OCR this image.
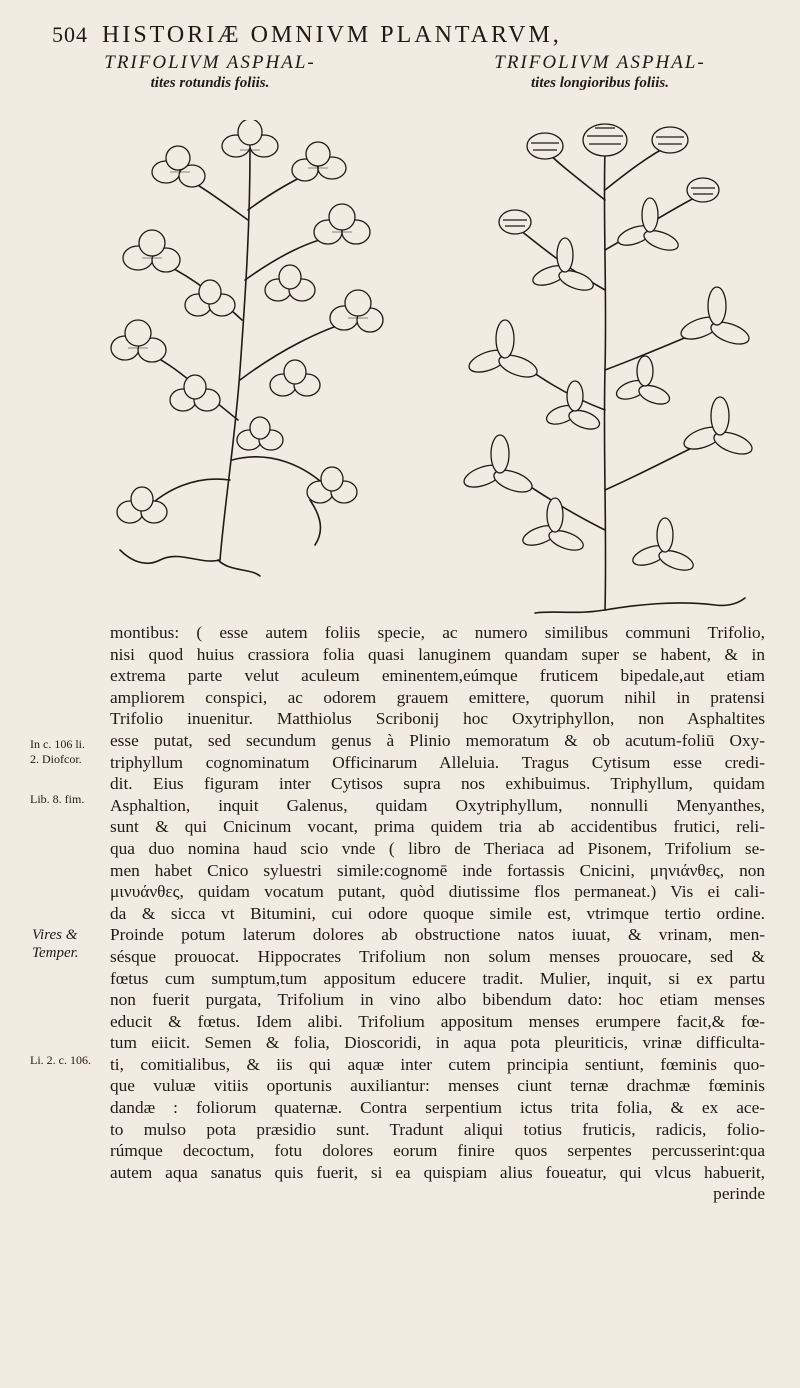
504 HISTORIÆ OMNIVM PLANTARVM,
TRIFOLIVM ASPHAL-
tites rotundis foliis.
TRIFOLIVM ASPHAL-
tites longioribus foliis.
montibus: ( esse autem foliis specie, ac numero similibus communi Trifolio,
nisi quod huius crassiora folia quasi lanuginem quandam super se habent, & in
extrema parte velut aculeum eminentem,eúmque fruticem bipedale,aut etiam
ampliorem conspici, ac odorem grauem emittere, quorum nihil in pratensi
Trifolio inuenitur. Matthiolus Scribonij hoc Oxytriphyllon, non Asphaltites
esse putat, sed secundum genus à Plinio memoratum & ob acutum-foliū Oxy-
triphyllum cognominatum Officinarum Alleluia. Tragus Cytisum esse credi-
dit. Eius figuram inter Cytisos supra nos exhibuimus. Triphyllum, quidam
Asphaltion, inquit Galenus, quidam Oxytriphyllum, nonnulli Menyanthes,
sunt & qui Cnicinum vocant, prima quidem tria ab accidentibus frutici, reli-
qua duo nomina haud scio vnde ( libro de Theriaca ad Pisonem, Trifolium se-
men habet Cnico syluestri simile:cognomē inde fortassis Cnicini, μηνιάνθες, non
μινυάνθες, quidam vocatum putant, quòd diutissime flos permaneat.) Vis ei cali-
da & sicca vt Bitumini, cui odore quoque simile est, vtrimque tertio ordine.
Proinde potum laterum dolores ab obstructione natos iuuat, & vrinam, men-
sésque prouocat. Hippocrates Trifolium non solum menses prouocare, sed &
fœtus cum sumptum,tum appositum educere tradit. Mulier, inquit, si ex partu
non fuerit purgata, Trifolium in vino albo bibendum dato: hoc etiam menses
educit & fœtus. Idem alibi. Trifolium appositum menses erumpere facit,& fœ-
tum eiicit. Semen & folia, Dioscoridi, in aqua pota pleuriticis, vrinæ difficulta-
ti, comitialibus, & iis qui aquæ inter cutem principia sentiunt, fœminis quo-
que vuluæ vitiis oportunis auxiliantur: menses ciunt ternæ drachmæ fœminis
dandæ : foliorum quaternæ. Contra serpentium ictus trita folia, & ex ace-
to mulso pota præsidio sunt. Tradunt aliqui totius fruticis, radicis, folio-
rúmque decoctum, fotu dolores eorum finire quos serpentes percusserint:qua
autem aqua sanatus quis fuerit, si ea quispiam alius foueatur, qui vlcus habuerit,
perinde
In c. 106 li.
2. Diofcor.
Lib. 8. fim.
Vires &
Temper.
Li. 2. c. 106.
